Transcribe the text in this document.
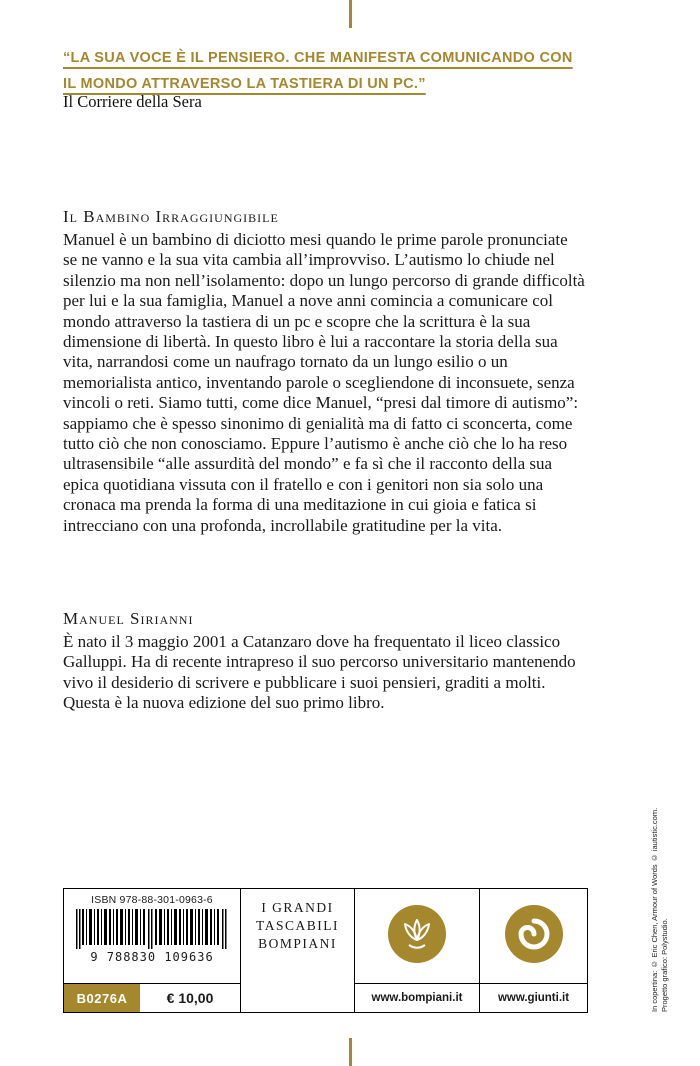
“LA SUA VOCE È IL PENSIERO. CHE MANIFESTA COMUNICANDO CON IL MONDO ATTRAVERSO LA TASTIERA DI UN PC.”
Il Corriere della Sera
Il Bambino Irraggiungibile

Manuel è un bambino di diciotto mesi quando le prime parole pronunciate se ne vanno e la sua vita cambia all’improvviso. L’autismo lo chiude nel silenzio ma non nell’isolamento: dopo un lungo percorso di grande difficoltà per lui e la sua famiglia, Manuel a nove anni comincia a comunicare col mondo attraverso la tastiera di un pc e scopre che la scrittura è la sua dimensione di libertà. In questo libro è lui a raccontare la storia della sua vita, narrandosi come un naufrago tornato da un lungo esilio o un memorialista antico, inventando parole o scegliendone di inconsuete, senza vincoli o reti. Siamo tutti, come dice Manuel, “presi dal timore di autismo”: sappiamo che è spesso sinonimo di genialità ma di fatto ci sconcerta, come tutto ciò che non conosciamo. Eppure l’autismo è anche ciò che lo ha reso ultrasensibile “alle assurdità del mondo” e fa sì che il racconto della sua epica quotidiana vissuta con il fratello e con i genitori non sia solo una cronaca ma prenda la forma di una meditazione in cui gioia e fatica si intrecciano con una profonda, incrollabile gratitudine per la vita.

Manuel Sirianni

È nato il 3 maggio 2001 a Catanzaro dove ha frequentato il liceo classico Galluppi. Ha di recente intrapreso il suo percorso universitario mantenendo vivo il desiderio di scrivere e pubblicare i suoi pensieri, graditi a molti. Questa è la nuova edizione del suo primo libro.

ISBN 978-88-301-0963-6
9 788830 109636

I GRANDI
TASCABILI
BOMPIANI

B0276A € 10,00		www.bompiani.it	www.giunti.it	In copertina: © Eric Chen, Armour of Words © iautistic.com. Progetto grafico: Polystudio.
